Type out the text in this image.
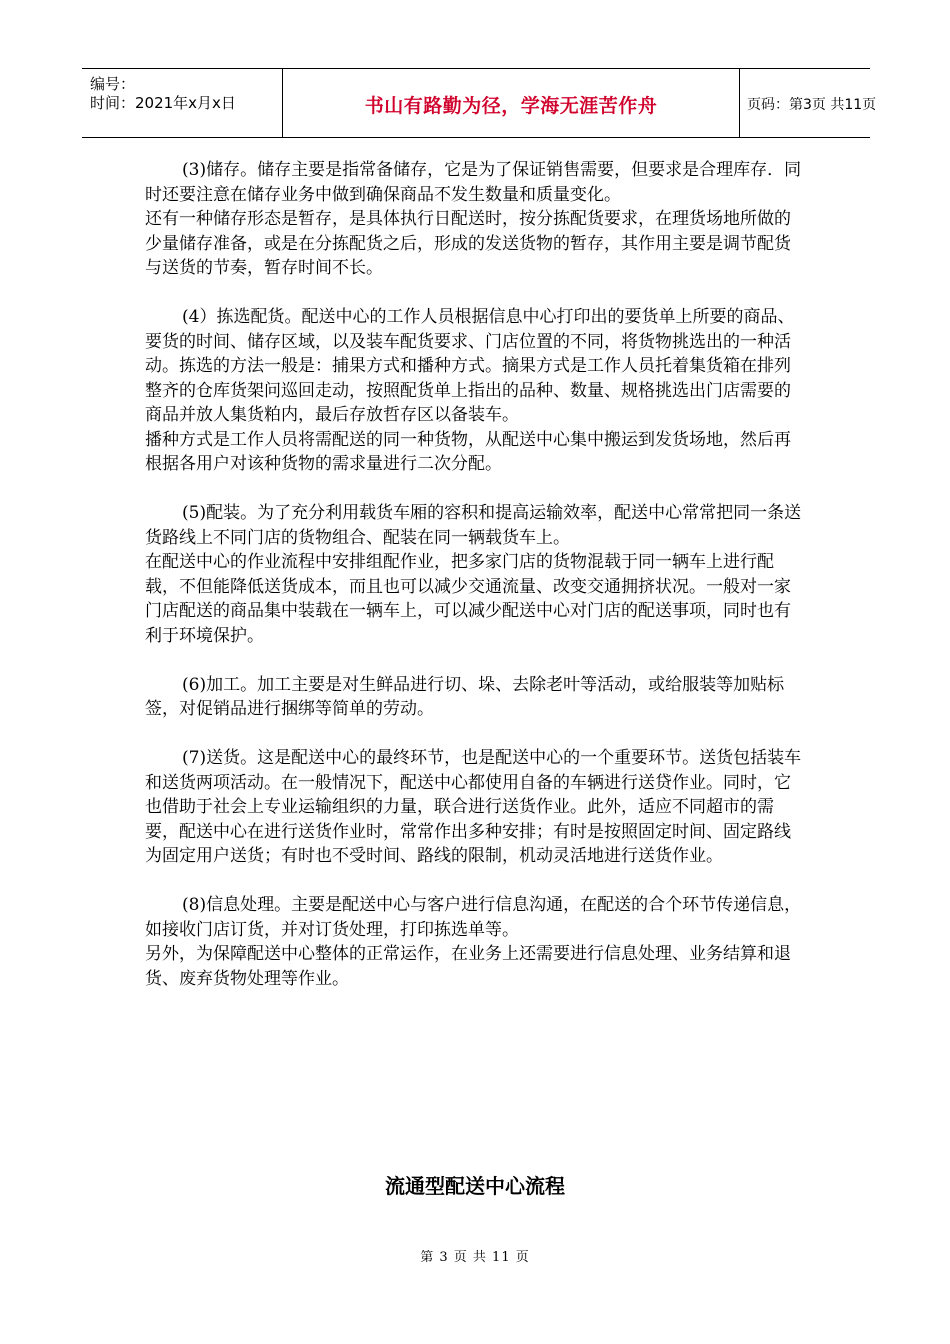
编号：
时间：2021年x月x日	书山有路勤为径，学海无涯苦作舟	页码：第3页 共11页

(3)储存。储存主要是指常备储存，它是为了保证销售需要，但要求是合理库存．同时还要注意在储存业务中做到确保商品不发生数量和质量变化。

还有一种储存形态是暂存，是具体执行日配送时，按分拣配货要求，在理货场地所做的少量储存准备，或是在分拣配货之后，形成的发送货物的暂存，其作用主要是调节配货与送货的节奏，暂存时间不长。

(4）拣选配货。配送中心的工作人员根据信息中心打印出的要货单上所要的商品、要货的时间、储存区域，以及装车配货要求、门店位置的不同，将货物挑选出的一种活动。拣选的方法一般是：捕果方式和播种方式。摘果方式是工作人员托着集货箱在排列整齐的仓库货架问巡回走动，按照配货单上指出的品种、数量、规格挑选出门店需要的商品并放人集货粕内，最后存放哲存区以备装车。

播种方式是工作人员将需配送的同一种货物，从配送中心集中搬运到发货场地，然后再根据各用户对该种货物的需求量进行二次分配。

(5)配装。为了充分利用载货车厢的容积和提高运输效率，配送中心常常把同一条送货路线上不同门店的货物组合、配装在同一辆载货车上。

在配送中心的作业流程中安排组配作业，把多家门店的货物混载于同一辆车上进行配载，不但能降低送货成本，而且也可以减少交通流量、改变交通拥挤状况。一般对一家门店配送的商品集中装载在一辆车上，可以减少配送中心对门店的配送事项，同时也有利于环境保护。

(6)加工。加工主要是对生鲜品进行切、垛、去除老叶等活动，或给服装等加贴标签，对促销品进行捆绑等简单的劳动。

(7)送货。这是配送中心的最终环节，也是配送中心的一个重要环节。送货包括装车和送货两项活动。在一般情况下，配送中心都使用自备的车辆进行送贷作业。同时，它也借助于社会上专业运输组织的力量，联合进行送货作业。此外，适应不同超市的需要，配送中心在进行送货作业时，常常作出多种安排；有时是按照固定时间、固定路线为固定用户送货；有时也不受时间、路线的限制，机动灵活地进行送货作业。

(8)信息处理。主要是配送中心与客户进行信息沟通，在配送的合个环节传递信息，如接收门店订货，并对订货处理，打印拣选单等。

另外，为保障配送中心整体的正常运作，在业务上还需要进行信息处理、业务结算和退货、废弃货物处理等作业。

流通型配送中心流程
第 3 页 共 11 页
